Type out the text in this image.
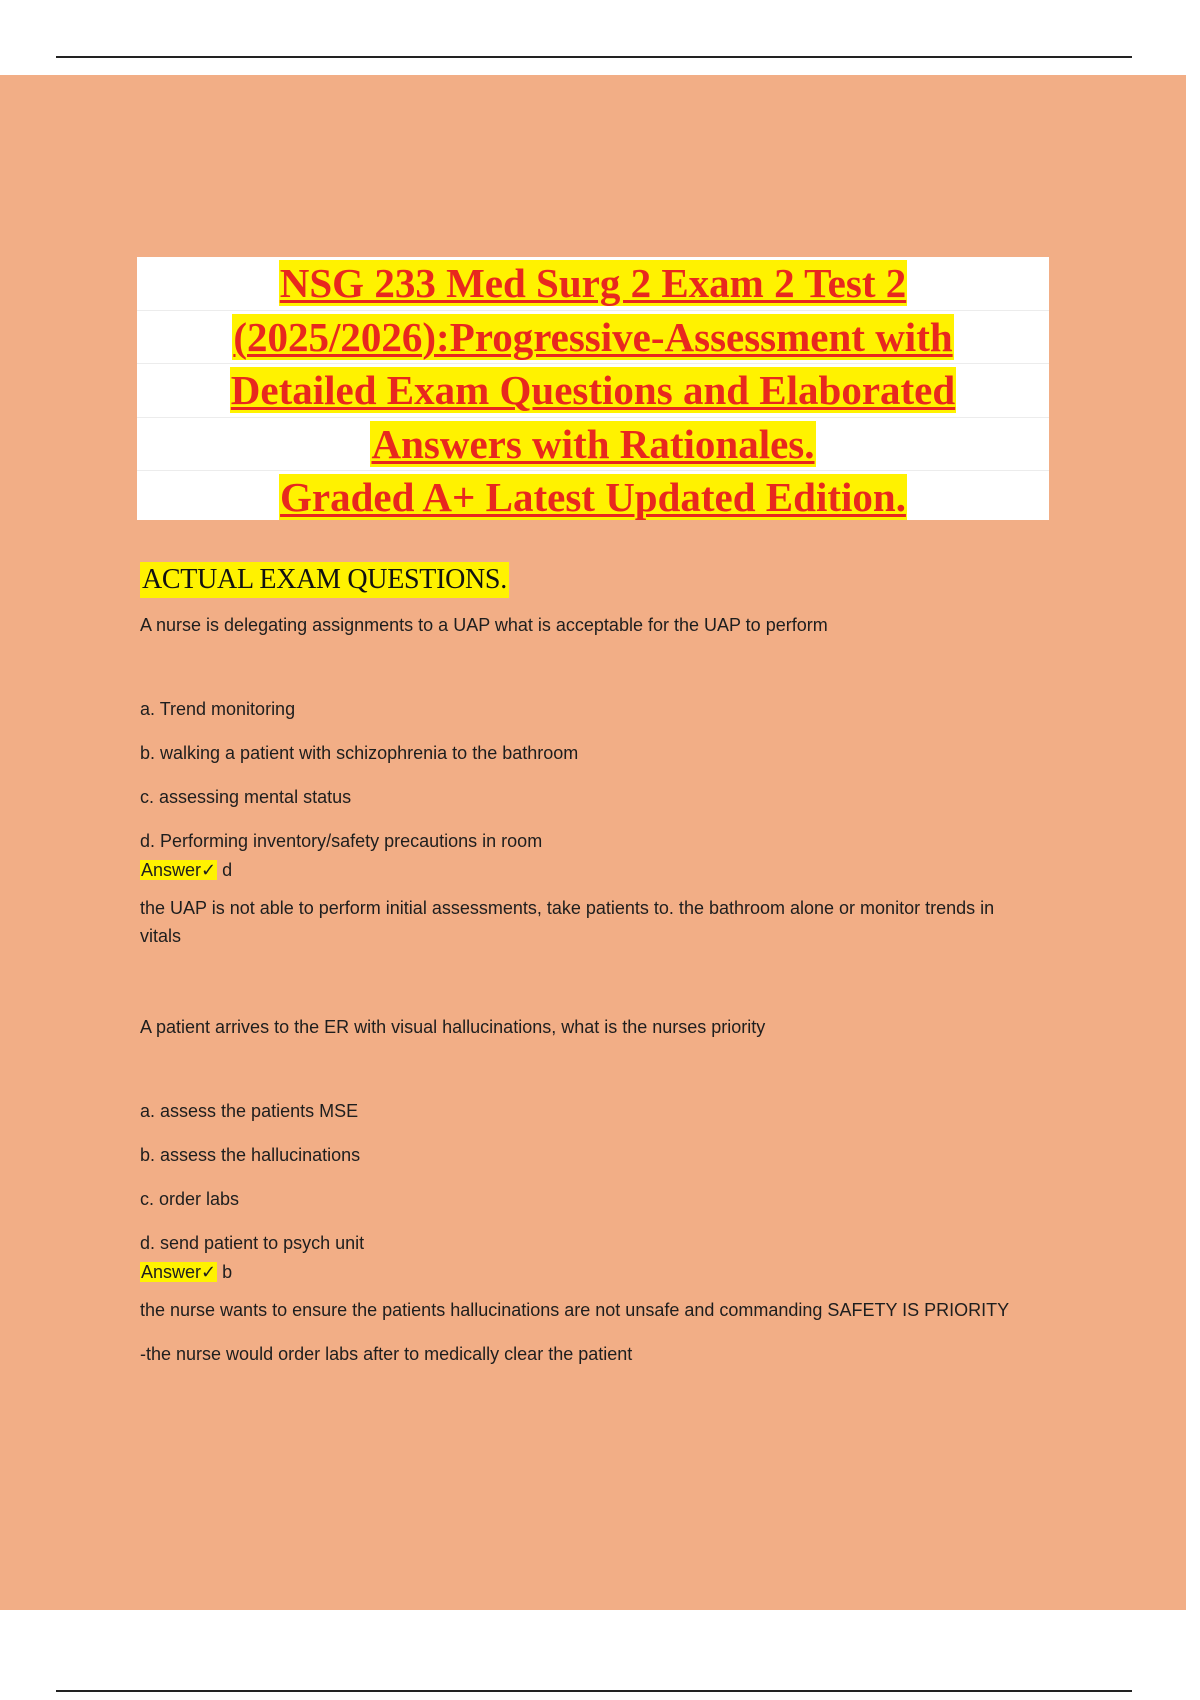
NSG 233 Med Surg 2 Exam 2 Test 2
(2025/2026):Progressive-Assessment with
Detailed Exam Questions and Elaborated
Answers with Rationales.
Graded A+ Latest Updated Edition.
ACTUAL EXAM QUESTIONS.

A nurse is delegating assignments to a UAP what is acceptable for the UAP to perform

a. Trend monitoring

b. walking a patient with schizophrenia to the bathroom

c. assessing mental status

d. Performing inventory/safety precautions in room

Answer✓ d

the UAP is not able to perform initial assessments, take patients to. the bathroom alone or monitor trends in vitals

A patient arrives to the ER with visual hallucinations, what is the nurses priority

a. assess the patients MSE

b. assess the hallucinations

c. order labs

d. send patient to psych unit

Answer✓ b

the nurse wants to ensure the patients hallucinations are not unsafe and commanding SAFETY IS PRIORITY

-the nurse would order labs after to medically clear the patient
